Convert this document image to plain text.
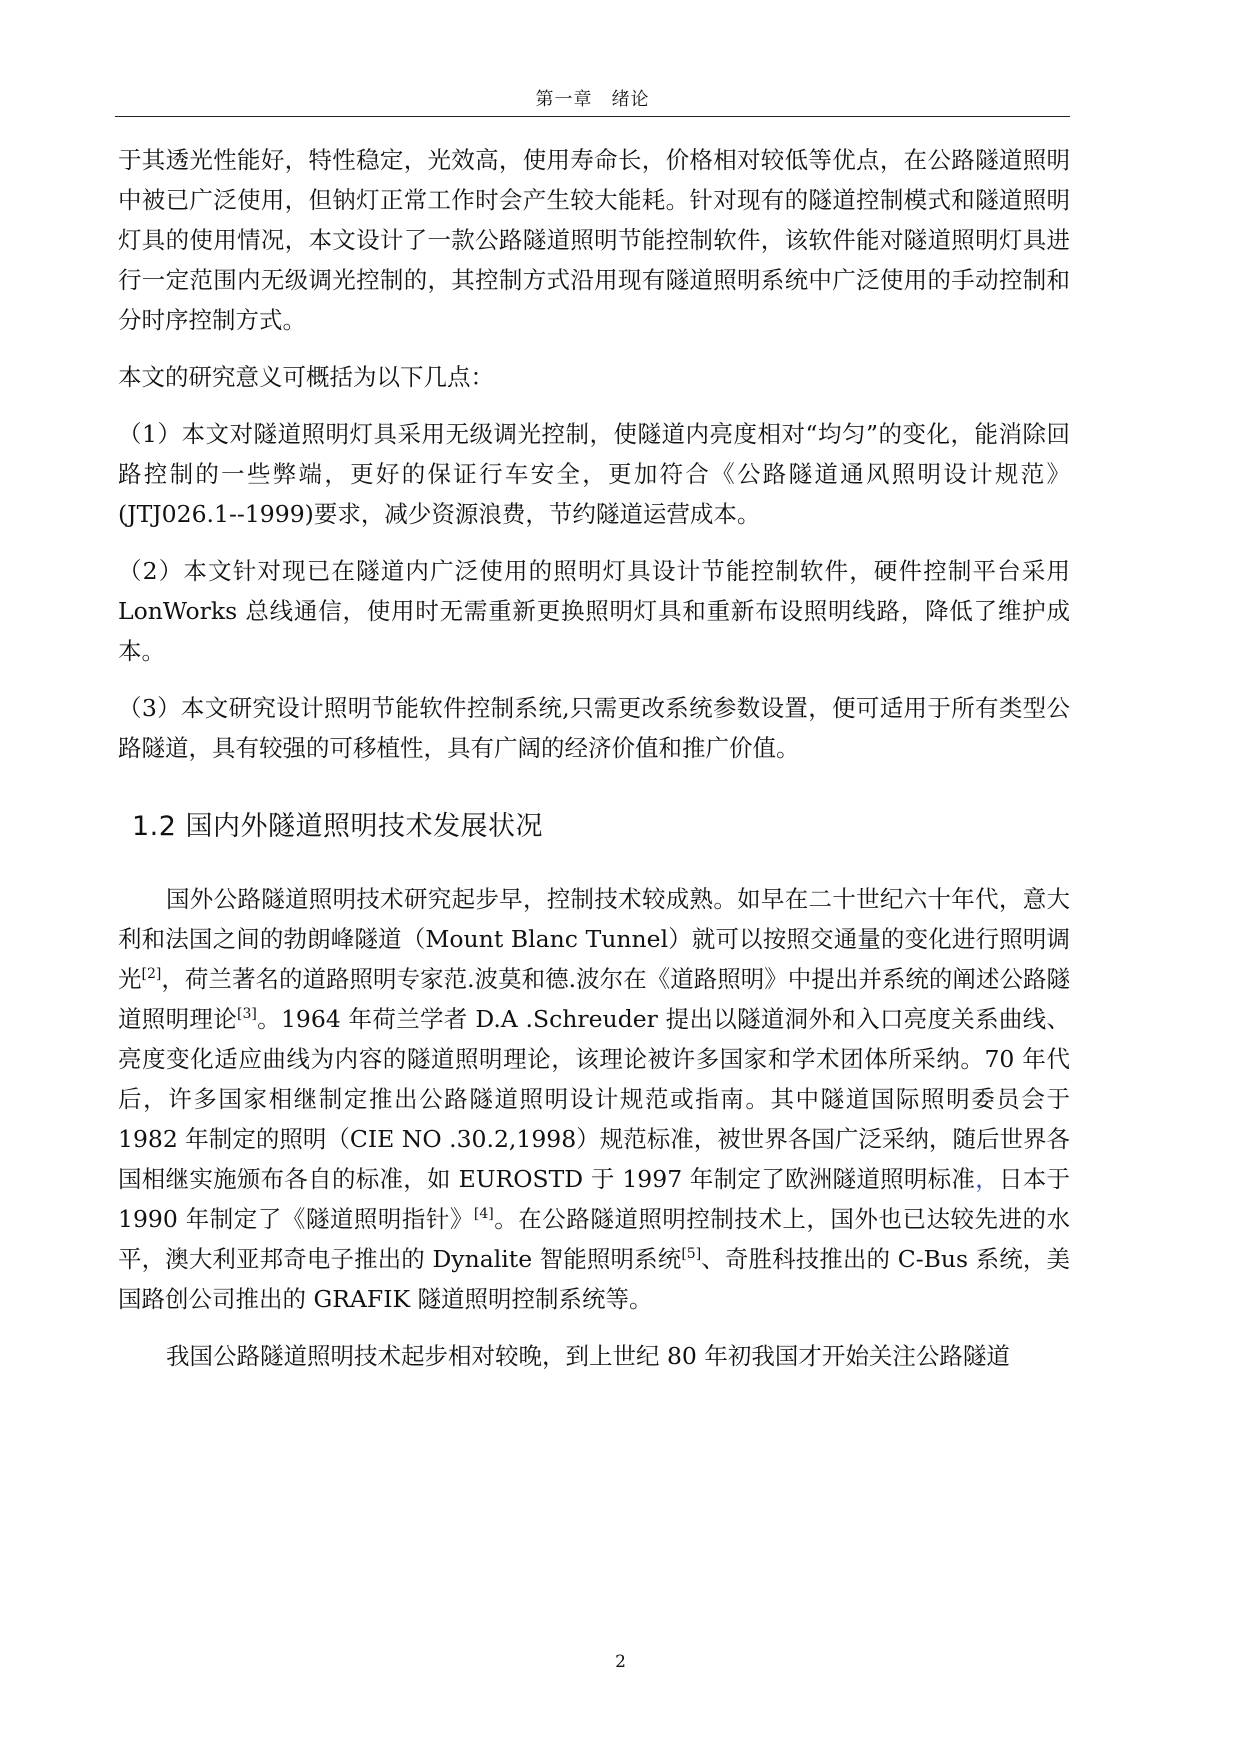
第一章　绪论

于其透光性能好，特性稳定，光效高，使用寿命长，价格相对较低等优点，在公路隧道照明中被已广泛使用，但钠灯正常工作时会产生较大能耗。针对现有的隧道控制模式和隧道照明灯具的使用情况，本文设计了一款公路隧道照明节能控制软件，该软件能对隧道照明灯具进行一定范围内无级调光控制的，其控制方式沿用现有隧道照明系统中广泛使用的手动控制和分时序控制方式。

本文的研究意义可概括为以下几点：

（1）本文对隧道照明灯具采用无级调光控制，使隧道内亮度相对“均匀”的变化，能消除回路控制的一些弊端，更好的保证行车安全，更加符合《公路隧道通风照明设计规范》(JTJ026.1--1999)要求，减少资源浪费，节约隧道运营成本。

（2）本文针对现已在隧道内广泛使用的照明灯具设计节能控制软件，硬件控制平台采用 LonWorks 总线通信，使用时无需重新更换照明灯具和重新布设照明线路，降低了维护成本。

（3）本文研究设计照明节能软件控制系统,只需更改系统参数设置，便可适用于所有类型公路隧道，具有较强的可移植性，具有广阔的经济价值和推广价值。

1.2 国内外隧道照明技术发展状况

国外公路隧道照明技术研究起步早，控制技术较成熟。如早在二十世纪六十年代，意大利和法国之间的勃朗峰隧道（Mount Blanc Tunnel）就可以按照交通量的变化进行照明调光[2]，荷兰著名的道路照明专家范.波莫和德.波尔在《道路照明》中提出并系统的阐述公路隧道照明理论[3]。1964 年荷兰学者 D.A .Schreuder 提出以隧道洞外和入口亮度关系曲线、亮度变化适应曲线为内容的隧道照明理论，该理论被许多国家和学术团体所采纳。70 年代后，许多国家相继制定推出公路隧道照明设计规范或指南。其中隧道国际照明委员会于 1982 年制定的照明（CIE NO .30.2,1998）规范标准，被世界各国广泛采纳，随后世界各国相继实施颁布各自的标准，如 EUROSTD 于 1997 年制定了欧洲隧道照明标准，日本于 1990 年制定了《隧道照明指针》[4]。在公路隧道照明控制技术上，国外也已达较先进的水平，澳大利亚邦奇电子推出的 Dynalite 智能照明系统[5]、奇胜科技推出的 C-Bus 系统，美国路创公司推出的 GRAFIK 隧道照明控制系统等。

我国公路隧道照明技术起步相对较晚，到上世纪 80 年初我国才开始关注公路隧道

2
